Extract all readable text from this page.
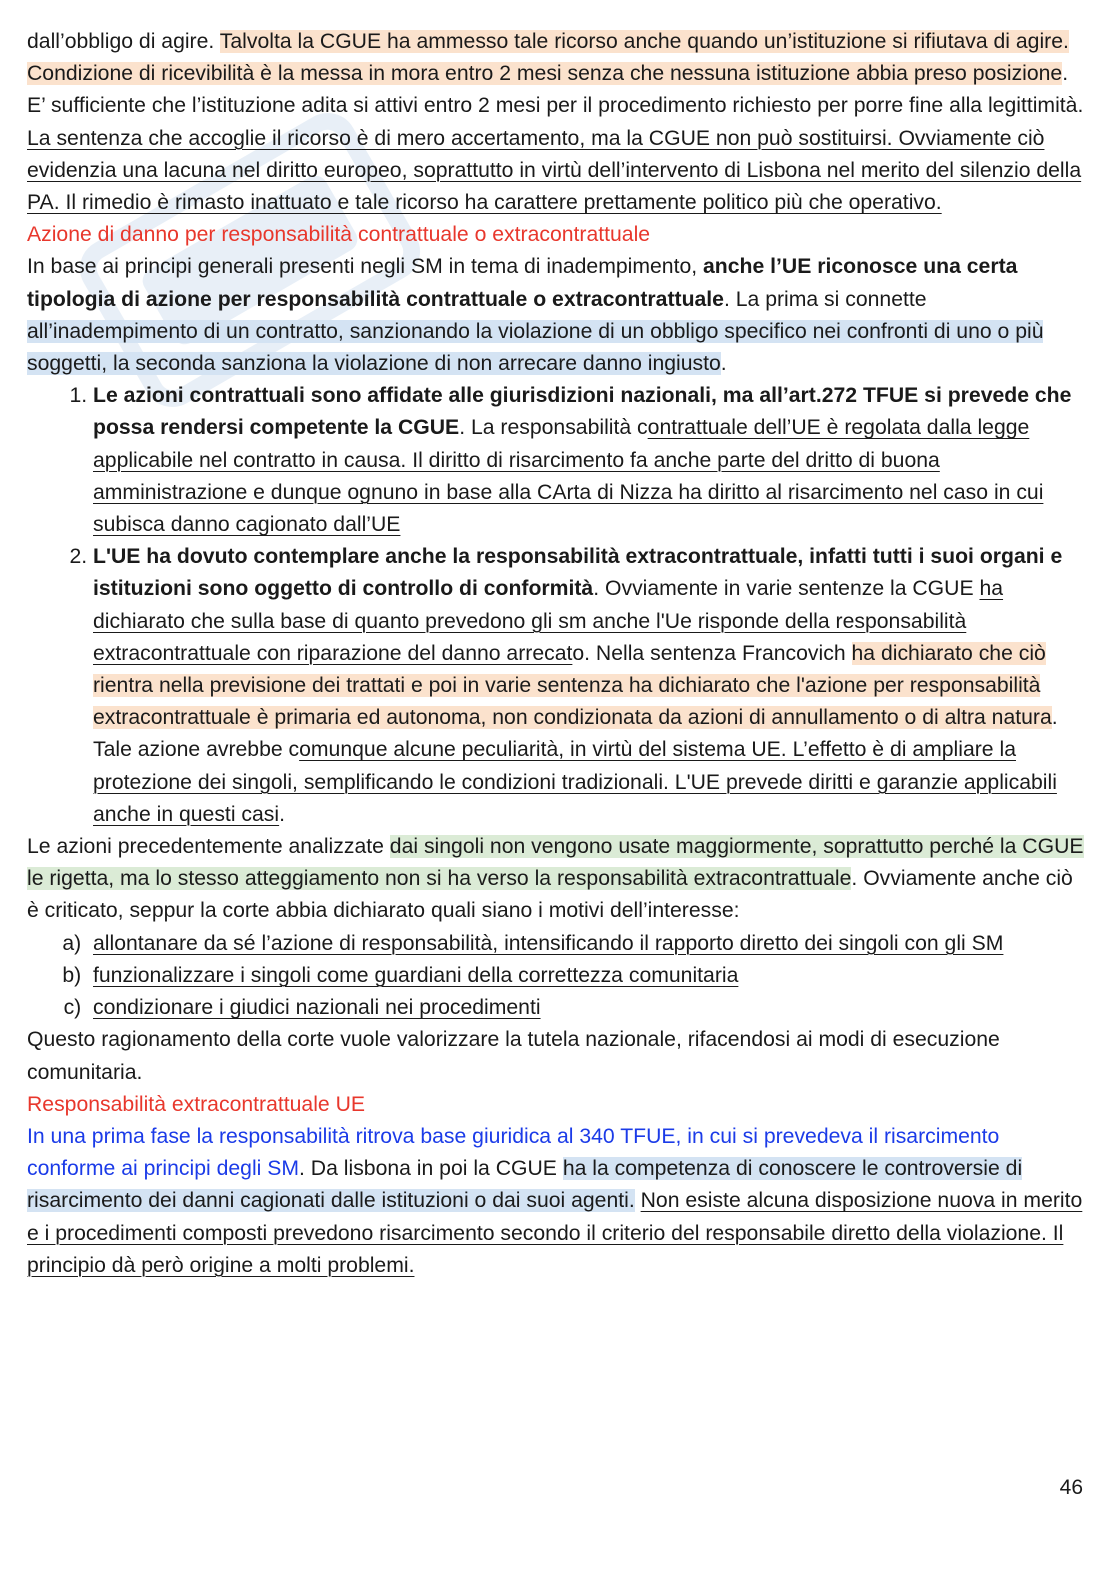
dall’obbligo di agire. Talvolta la CGUE ha ammesso tale ricorso anche quando un’istituzione si rifiutava di agire.

Condizione di ricevibilità è la messa in mora entro 2 mesi senza che nessuna istituzione abbia preso posizione. E’ sufficiente che l’istituzione adita si attivi entro 2 mesi per il procedimento richiesto per porre fine alla legittimità. La sentenza che accoglie il ricorso è di mero accertamento, ma la CGUE non può sostituirsi. Ovviamente ciò evidenzia una lacuna nel diritto europeo, soprattutto in virtù dell’intervento di Lisbona nel merito del silenzio della PA. Il rimedio è rimasto inattuato e tale ricorso ha carattere prettamente politico più che operativo.

Azione di danno per responsabilità contrattuale o extracontrattuale

In base ai principi generali presenti negli SM in tema di inadempimento, anche l’UE riconosce una certa tipologia di azione per responsabilità contrattuale o extracontrattuale. La prima si connette all’inadempimento di un contratto, sanzionando la violazione di un obbligo specifico nei confronti di uno o più soggetti, la seconda sanziona la violazione di non arrecare danno ingiusto.

1. Le azioni contrattuali sono affidate alle giurisdizioni nazionali, ma all’art.272 TFUE si prevede che possa rendersi competente la CGUE. La responsabilità contrattuale dell’UE è regolata dalla legge applicabile nel contratto in causa. Il diritto di risarcimento fa anche parte del dritto di buona amministrazione e dunque ognuno in base alla CArta di Nizza ha diritto al risarcimento nel caso in cui subisca danno cagionato dall’UE
2. L'UE ha dovuto contemplare anche la responsabilità extracontrattuale, infatti tutti i suoi organi e istituzioni sono oggetto di controllo di conformità. Ovviamente in varie sentenze la CGUE ha dichiarato che sulla base di quanto prevedono gli sm anche l'Ue risponde della responsabilità extracontrattuale con riparazione del danno arrecato. Nella sentenza Francovich ha dichiarato che ciò rientra nella previsione dei trattati e poi in varie sentenza ha dichiarato che l'azione per responsabilità extracontrattuale è primaria ed autonoma, non condizionata da azioni di annullamento o di altra natura.
Tale azione avrebbe comunque alcune peculiarità, in virtù del sistema UE. L’effetto è di ampliare la protezione dei singoli, semplificando le condizioni tradizionali. L'UE prevede diritti e garanzie applicabili anche in questi casi.

Le azioni precedentemente analizzate dai singoli non vengono usate maggiormente, soprattutto perché la CGUE le rigetta, ma lo stesso atteggiamento non si ha verso la responsabilità extracontrattuale. Ovviamente anche ciò è criticato, seppur la corte abbia dichiarato quali siano i motivi dell’interesse:

a. allontanare da sé l’azione di responsabilità, intensificando il rapporto diretto dei singoli con gli SM
b. funzionalizzare i singoli come guardiani della correttezza comunitaria
c. condizionare i giudici nazionali nei procedimenti

Questo ragionamento della corte vuole valorizzare la tutela nazionale, rifacendosi ai modi di esecuzione comunitaria.

Responsabilità extracontrattuale UE

In una prima fase la responsabilità ritrova base giuridica al 340 TFUE, in cui si prevedeva il risarcimento conforme ai principi degli SM. Da lisbona in poi la CGUE ha la competenza di conoscere le controversie di risarcimento dei danni cagionati dalle istituzioni o dai suoi agenti. Non esiste alcuna disposizione nuova in merito e i procedimenti composti prevedono risarcimento secondo il criterio del responsabile diretto della violazione. Il principio dà però origine a molti problemi.

46
